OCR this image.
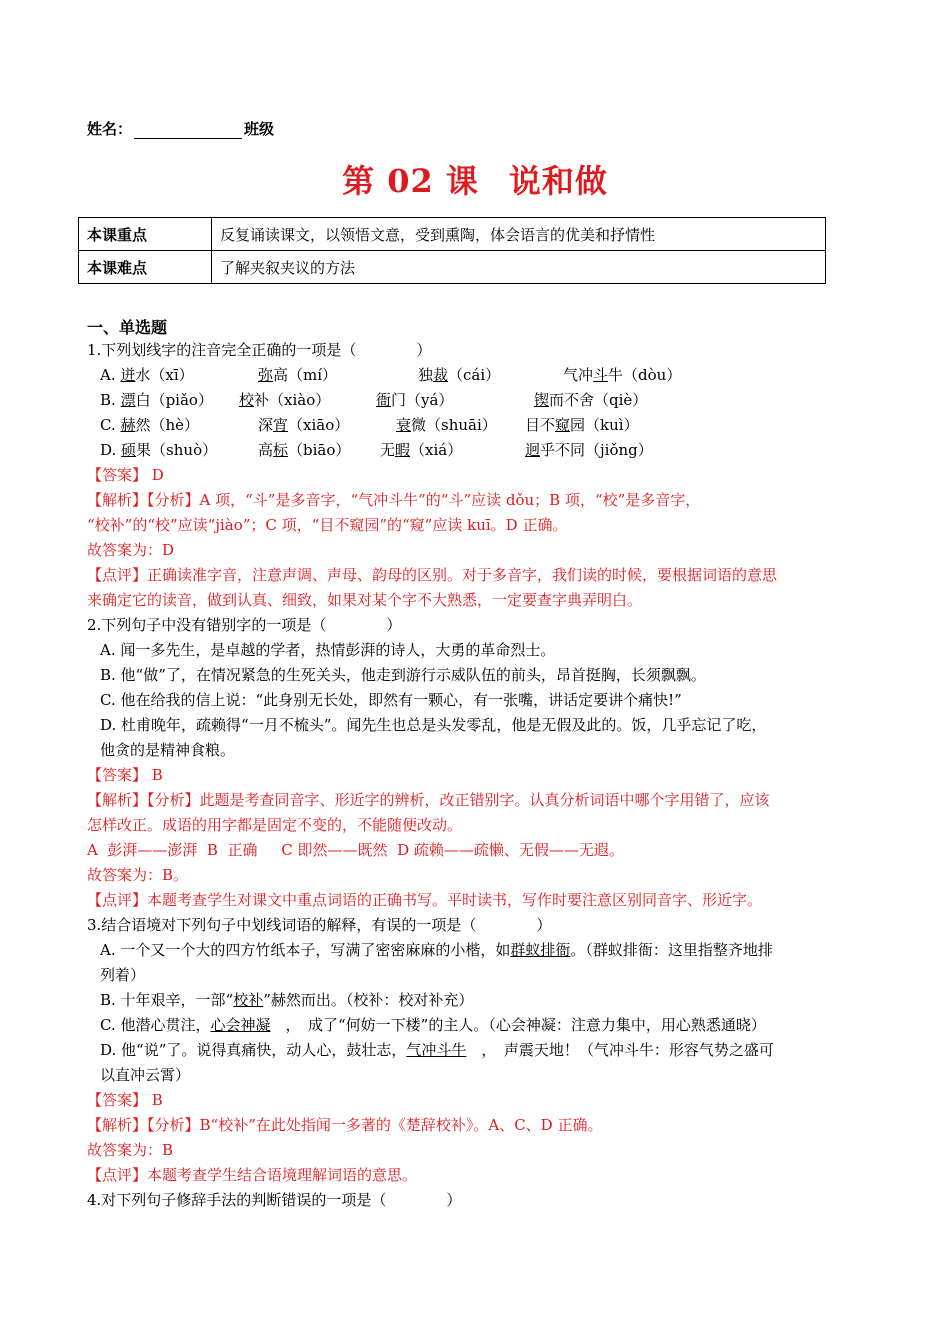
姓名：	班级
第 02 课 说和做
本课重点	反复诵读课文，以领悟文意，受到熏陶，体会语言的优美和抒情性
本课难点	了解夹叙夹议的方法
一、单选题
1.下列划线字的注音完全正确的一项是（　　　　）
A. 迸水（xī）	弥高（mí）	独裁（cái）	气冲斗牛（dòu）
B. 漂白（piǎo） 校补（xiào）	衙门（yá）	锲而不舍（qiè）
C. 赫然（hè）	深宵（xiāo）	衰微（shuāi） 目不窥园（kuì）
D. 硕果（shuò）	高标（biāo） 无暇（xiá）	迥乎不同（jiǒng）
【答案】 D
【解析】【分析】A 项，“斗”是多音字，“气冲斗牛”的“斗”应读 dǒu；B 项，“校”是多音字，
“校补”的“校”应读“jiào”；C 项，“目不窥园”的“窥”应读 kuī。D 正确。
故答案为：D
【点评】正确读准字音，注意声调、声母、韵母的区别。对于多音字，我们读的时候，要根据词语的意思
来确定它的读音，做到认真、细致，如果对某个字不大熟悉，一定要查字典弄明白。
2.下列句子中没有错别字的一项是（　　　　）
A. 闻一多先生，是卓越的学者，热情彭湃的诗人，大勇的革命烈士。
B. 他“做”了，在情况紧急的生死关头，他走到游行示威队伍的前头，昂首挺胸，长须飘飘。
C. 他在给我的信上说：“此身别无长处，即然有一颗心，有一张嘴，讲话定要讲个痛快!”
D. 杜甫晚年，疏赖得“一月不梳头”。闻先生也总是头发零乱，他是无假及此的。饭，几乎忘记了吃，
他贪的是精神食粮。
【答案】 B
【解析】【分析】此题是考查同音字、形近字的辨析，改正错别字。认真分析词语中哪个字用错了，应该
怎样改正。成语的用字都是固定不变的，不能随便改动。
A  彭湃——澎湃  B  正确     C 即然——既然  D 疏赖——疏懒、无假——无遐。
故答案为：B。
【点评】本题考查学生对课文中重点词语的正确书写。平时读书，写作时要注意区别同音字、形近字。
3.结合语境对下列句子中划线词语的解释，有误的一项是（　　　　）
A. 一个又一个大的四方竹纸本子，写满了密密麻麻的小楷，如群蚁排衙。（群蚁排衙：这里指整齐地排
列着）
B. 十年艰辛，一部“校补”赫然而出。（校补：校对补充）
C. 他潜心贯注，心会神凝　，　成了“何妨一下楼”的主人。（心会神凝：注意力集中，用心熟悉通晓）
D. 他“说”了。说得真痛快，动人心，鼓壮志，气冲斗牛　，　声震天地！（气冲斗牛：形容气势之盛可
以直冲云霄）
【答案】 B
【解析】【分析】B“校补”在此处指闻一多著的《楚辞校补》。A、C、D 正确。
故答案为：B
【点评】本题考查学生结合语境理解词语的意思。
4.对下列句子修辞手法的判断错误的一项是（　　　　）
